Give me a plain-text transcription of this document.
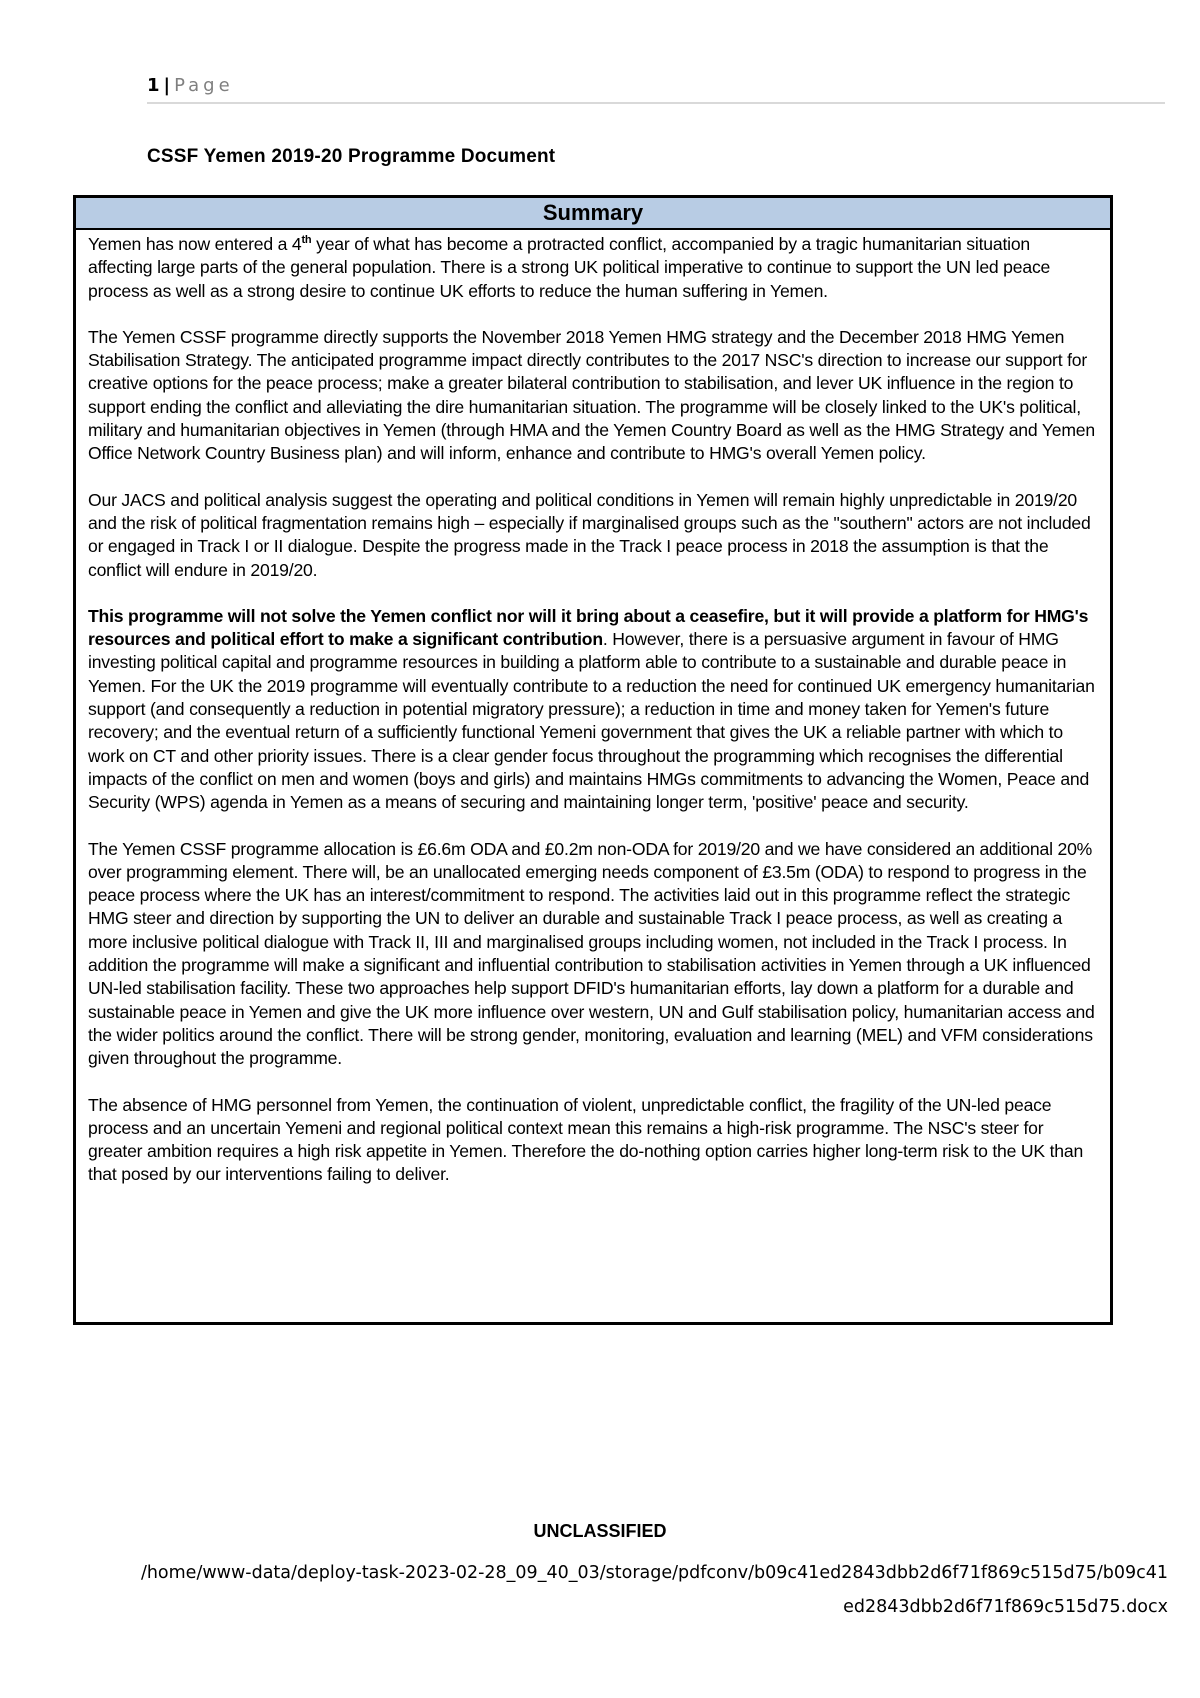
1 | Page
CSSF Yemen 2019-20 Programme Document
Summary

Yemen has now entered a 4th year of what has become a protracted conflict, accompanied by a tragic humanitarian situation affecting large parts of the general population. There is a strong UK political imperative to continue to support the UN led peace process as well as a strong desire to continue UK efforts to reduce the human suffering in Yemen.

The Yemen CSSF programme directly supports the November 2018 Yemen HMG strategy and the December 2018 HMG Yemen Stabilisation Strategy. The anticipated programme impact directly contributes to the 2017 NSC's direction to increase our support for creative options for the peace process; make a greater bilateral contribution to stabilisation, and lever UK influence in the region to support ending the conflict and alleviating the dire humanitarian situation. The programme will be closely linked to the UK's political, military and humanitarian objectives in Yemen (through HMA and the Yemen Country Board as well as the HMG Strategy and Yemen Office Network Country Business plan) and will inform, enhance and contribute to HMG's overall Yemen policy.

Our JACS and political analysis suggest the operating and political conditions in Yemen will remain highly unpredictable in 2019/20 and the risk of political fragmentation remains high – especially if marginalised groups such as the "southern" actors are not included or engaged in Track I or II dialogue. Despite the progress made in the Track I peace process in 2018 the assumption is that the conflict will endure in 2019/20.

This programme will not solve the Yemen conflict nor will it bring about a ceasefire, but it will provide a platform for HMG's resources and political effort to make a significant contribution. However, there is a persuasive argument in favour of HMG investing political capital and programme resources in building a platform able to contribute to a sustainable and durable peace in Yemen. For the UK the 2019 programme will eventually contribute to a reduction the need for continued UK emergency humanitarian support (and consequently a reduction in potential migratory pressure); a reduction in time and money taken for Yemen's future recovery; and the eventual return of a sufficiently functional Yemeni government that gives the UK a reliable partner with which to work on CT and other priority issues. There is a clear gender focus throughout the programming which recognises the differential impacts of the conflict on men and women (boys and girls) and maintains HMGs commitments to advancing the Women, Peace and Security (WPS) agenda in Yemen as a means of securing and maintaining longer term, 'positive' peace and security.

The Yemen CSSF programme allocation is £6.6m ODA and £0.2m non-ODA for 2019/20 and we have considered an additional 20% over programming element. There will, be an unallocated emerging needs component of £3.5m (ODA) to respond to progress in the peace process where the UK has an interest/commitment to respond. The activities laid out in this programme reflect the strategic HMG steer and direction by supporting the UN to deliver an durable and sustainable Track I peace process, as well as creating a more inclusive political dialogue with Track II, III and marginalised groups including women, not included in the Track I process. In addition the programme will make a significant and influential contribution to stabilisation activities in Yemen through a UK influenced UN-led stabilisation facility. These two approaches help support DFID's humanitarian efforts, lay down a platform for a durable and sustainable peace in Yemen and give the UK more influence over western, UN and Gulf stabilisation policy, humanitarian access and the wider politics around the conflict. There will be strong gender, monitoring, evaluation and learning (MEL) and VFM considerations given throughout the programme.

The absence of HMG personnel from Yemen, the continuation of violent, unpredictable conflict, the fragility of the UN-led peace process and an uncertain Yemeni and regional political context mean this remains a high-risk programme. The NSC's steer for greater ambition requires a high risk appetite in Yemen. Therefore the do-nothing option carries higher long-term risk to the UK than that posed by our interventions failing to deliver.

UNCLASSIFIED
/home/www-data/deploy-task-2023-02-28_09_40_03/storage/pdfconv/b09c41ed2843dbb2d6f71f869c515d75/b09c41ed2843dbb2d6f71f869c515d75.docx
